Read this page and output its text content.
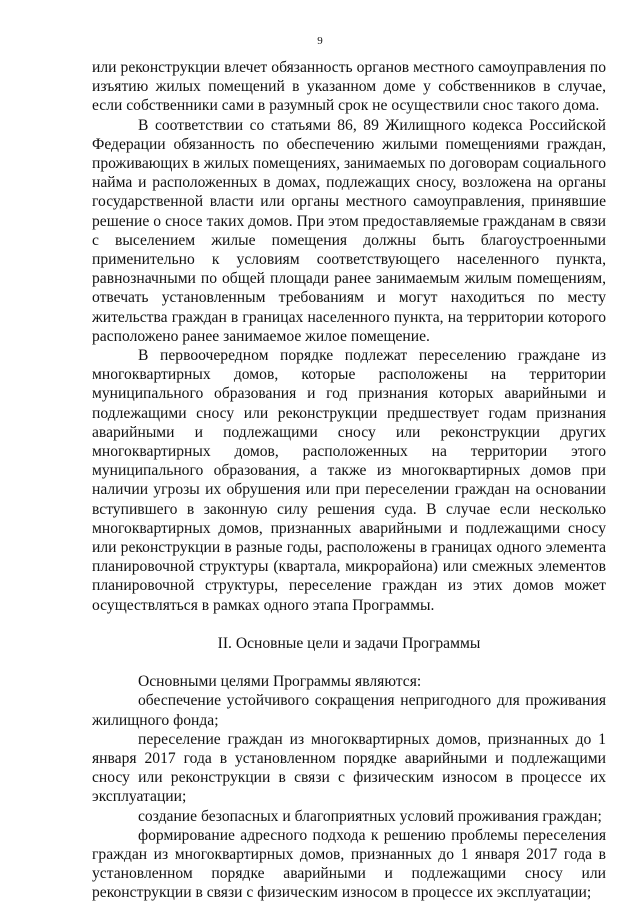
9

или реконструкции влечет обязанность органов местного самоуправления по изъятию жилых помещений в указанном доме у собственников в случае, если собственники сами в разумный срок не осуществили снос такого дома.

В соответствии со статьями 86, 89 Жилищного кодекса Российской Федерации обязанность по обеспечению жилыми помещениями граждан, проживающих в жилых помещениях, занимаемых по договорам социального найма и расположенных в домах, подлежащих сносу, возложена на органы государственной власти или органы местного самоуправления, принявшие решение о сносе таких домов. При этом предоставляемые гражданам в связи с выселением жилые помещения должны быть благоустроенными применительно к условиям соответствующего населенного пункта, равнозначными по общей площади ранее занимаемым жилым помещениям, отвечать установленным требованиям и могут находиться по месту жительства граждан в границах населенного пункта, на территории которого расположено ранее занимаемое жилое помещение.

В первоочередном порядке подлежат переселению граждане из многоквартирных домов, которые расположены на территории муниципального образования и год признания которых аварийными и подлежащими сносу или реконструкции предшествует годам признания аварийными и подлежащими сносу или реконструкции других многоквартирных домов, расположенных на территории этого муниципального образования, а также из многоквартирных домов при наличии угрозы их обрушения или при переселении граждан на основании вступившего в законную силу решения суда. В случае если несколько многоквартирных домов, признанных аварийными и подлежащими сносу или реконструкции в разные годы, расположены в границах одного элемента планировочной структуры (квартала, микрорайона) или смежных элементов планировочной структуры, переселение граждан из этих домов может осуществляться в рамках одного этапа Программы.

II. Основные цели и задачи Программы

Основными целями Программы являются:

обеспечение устойчивого сокращения непригодного для проживания жилищного фонда;

переселение граждан из многоквартирных домов, признанных до 1 января 2017 года в установленном порядке аварийными и подлежащими сносу или реконструкции в связи с физическим износом в процессе их эксплуатации;

создание безопасных и благоприятных условий проживания граждан;

формирование адресного подхода к решению проблемы переселения граждан из многоквартирных домов, признанных до 1 января 2017 года в установленном порядке аварийными и подлежащими сносу или реконструкции в связи с физическим износом в процессе их эксплуатации;
